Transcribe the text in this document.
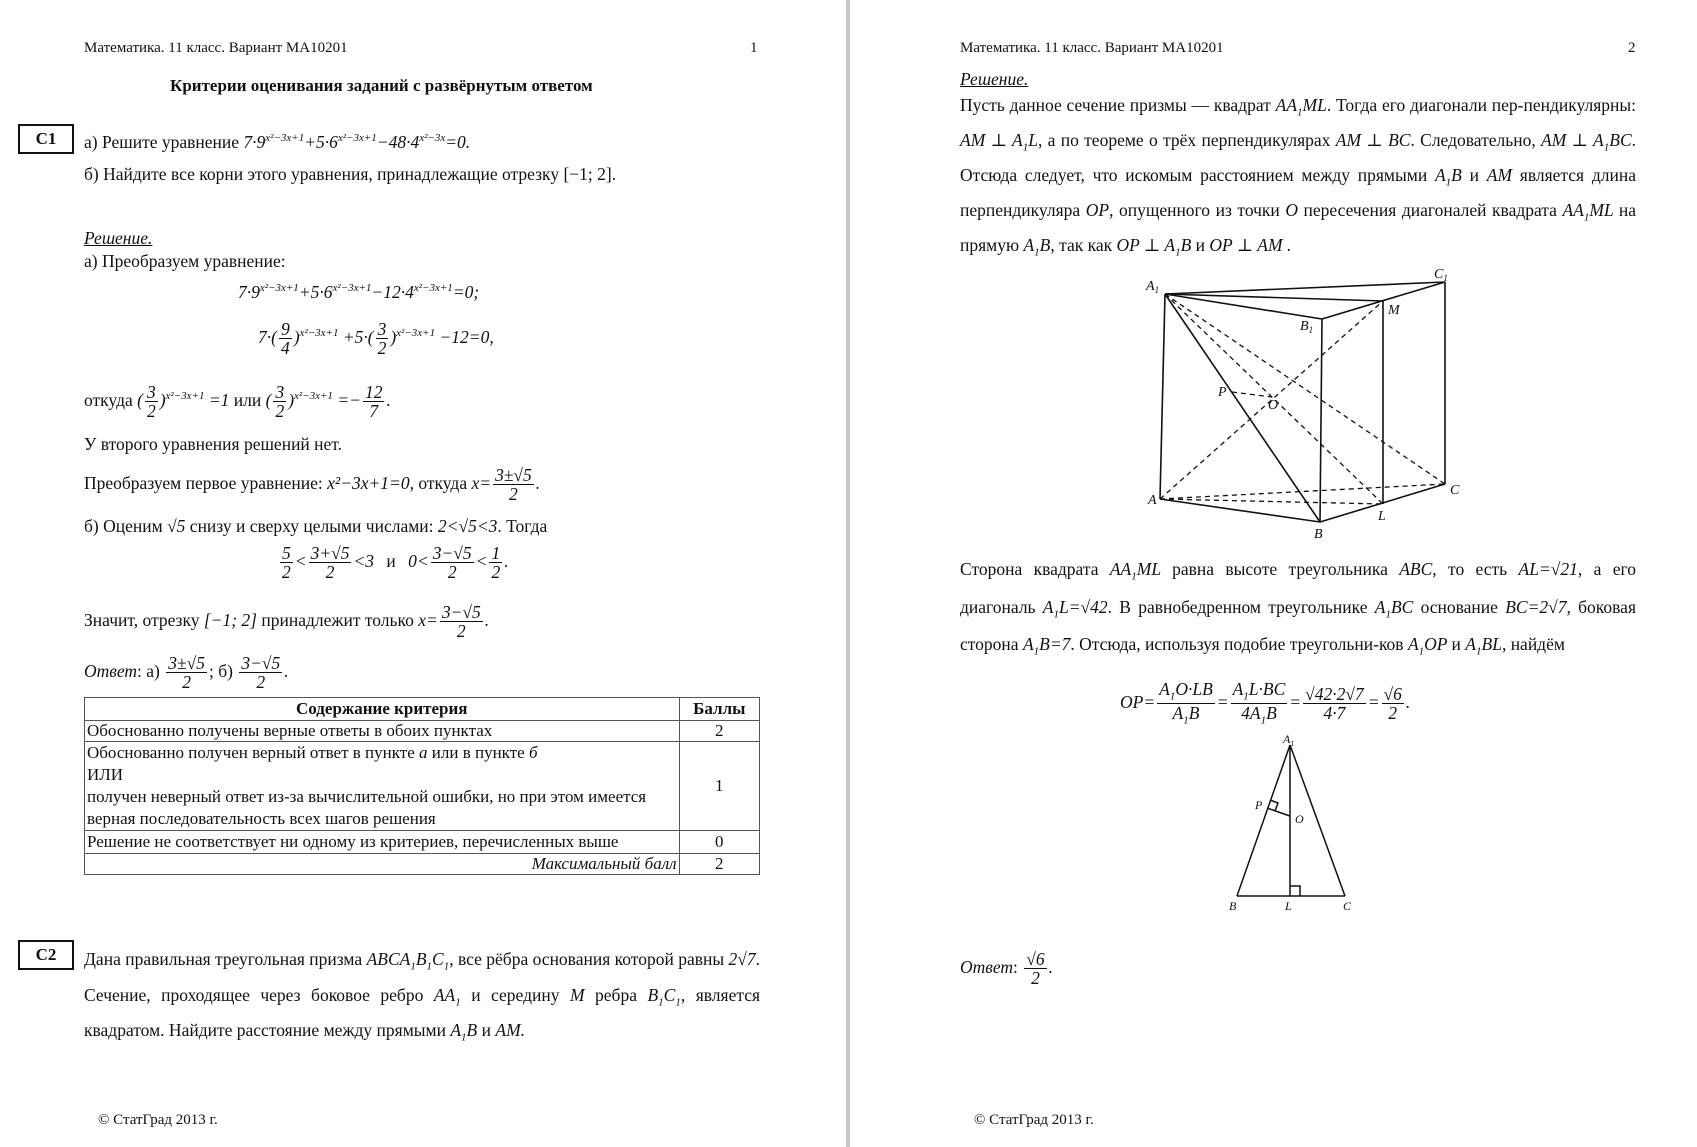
Математика. 11 класс. Вариант МА10201	1
Критерии оценивания заданий с развёрнутым ответом
С1	а) Решите уравнение $7\cdot 9^{x^2-3x+1}+5\cdot 6^{x^2-3x+1}-48\cdot 4^{x^2-3x}=0$.
б) Найдите все корни этого уравнения, принадлежащие отрезку [−1; 2].
Решение.
а) Преобразуем уравнение:
$7\cdot 9^{x^2-3x+1}+5\cdot 6^{x^2-3x+1}-12\cdot 4^{x^2-3x+1}=0$;
$7\cdot( \frac{9}{4} )^{x^2-3x+1} +5\cdot( \frac{3}{2} )^{x^2-3x+1} -12=0$,
откуда ( $\frac{3}{2} )^{x^2-3x+1} =1$ или ( $\frac{3}{2} )^{x^2-3x+1} =- \frac{12}{7}$ .
У второго уравнения решений нет.
Преобразуем первое уравнение: x²−3x+1=0, откуда $x= \frac{3\pm√5}{2}$ .
б) Оценим √5 снизу и сверху целыми числами: 2<√5<3. Тогда
$\frac{5}{2} < \frac{3+√5}{2} <3$ и $0< \frac{3-√5}{2} < \frac{1}{2}$ .
Значит, отрезку [−1; 2] принадлежит только $x= \frac{3-√5}{2}$ .
Ответ: $а) \frac{3\pm√5}{2}$ ; $б) \frac{3-√5}{2}$ .
Содержание критерия	Баллы
Обоснованно получены верные ответы в обоих пунктах	2
Обоснованно получен верный ответ в пункте а или в пункте б
ИЛИ
получен неверный ответ из-за вычислительной ошибки, но при этом имеется верная последовательность всех шагов решения	1
Решение не соответствует ни одному из критериев, перечисленных выше	0
Максимальный балл	2
С2	Дана правильная треугольная призма $ABCA_1B_1C_1$, все рёбра основания которой равны 2√7. Сечение, проходящее через боковое ребро $AA_1$ и середину M ребра $B_1C_1$, является квадратом. Найдите расстояние между прямыми $A_1B$ и AM.
© СтатГрад 2013 г.
Математика. 11 класс. Вариант МА10201	2
Решение.
Пусть данное сечение призмы — квадрат $AA_1ML$. Тогда его диагонали пер-пендикулярны: AM ⊥ $A_1L$, а по теореме о трёх перпендикулярах AM ⊥ BC. Следовательно, AM ⊥ $A_1BC$. Отсюда следует, что искомым расстоянием между прямыми $A_1B$ и AM является длина перпендикуляра OP, опущенного из точки O пересечения диагоналей квадрата $AA_1ML$ на прямую $A_1B$, так как OP ⊥ $A_1B$ и OP ⊥ AM .
$A_1$
$C_1$
$B_1$
M
P
O
A
C
L
B
Сторона квадрата $AA_1ML$ равна высоте треугольника ABC, то есть AL=√21, а его диагональ $A_1L=√42$. В равнобедренном треугольнике $A_1BC$ основание BC=2√7, боковая сторона $A_1B=7$. Отсюда, используя подобие треугольни-ков $A_1OP$ и $A_1BL$, найдём
$OP= \frac{A_1O\cdot LB}{A_1B} = \frac{A_1L\cdot BC}{4A_1B} = \frac{√42\cdot 2√7}{4\cdot 7} = \frac{√6}{2}$ .
$A_1$
P
O
B	L	C
Ответ: $\frac{√6}{2}$ .
© СтатГрад 2013 г.
